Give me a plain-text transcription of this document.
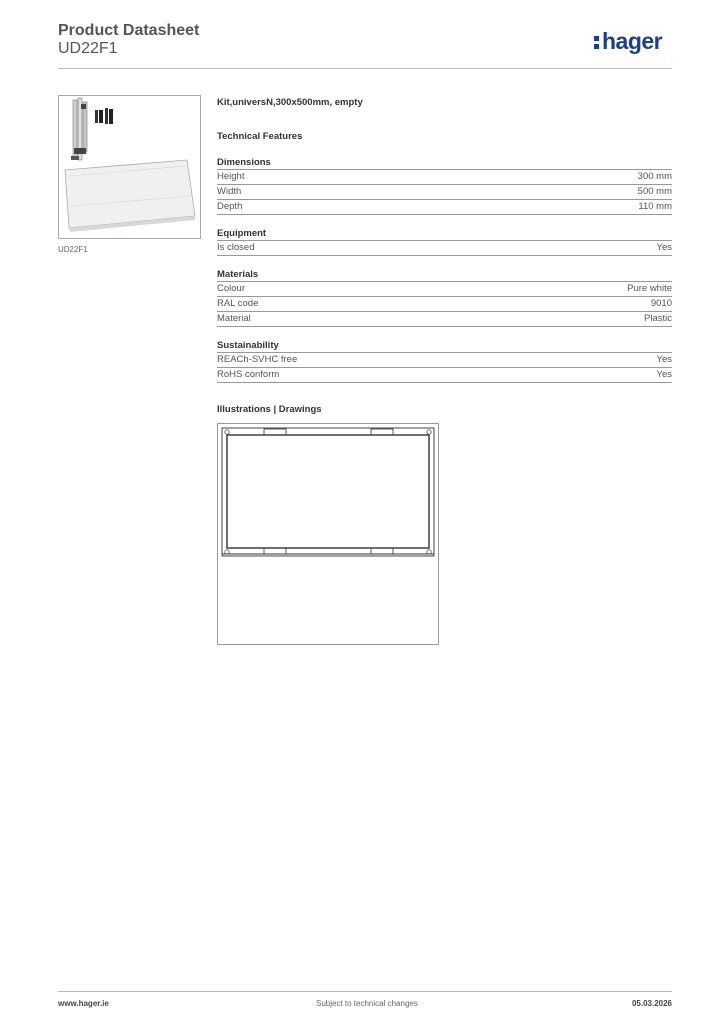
Product Datasheet
UD22F1	hager
UD22F1
Kit,universN,300x500mm, empty
Technical Features
Dimensions
Height	300 mm
Width	500 mm
Depth	110 mm
Equipment
Is closed	Yes
Materials
Colour	Pure white
RAL code	9010
Material	Plastic
Sustainability
REACh-SVHC free	Yes
RoHS conform	Yes
Illustrations | Drawings
www.hager.ie	Subject to technical changes	05.03.2026
